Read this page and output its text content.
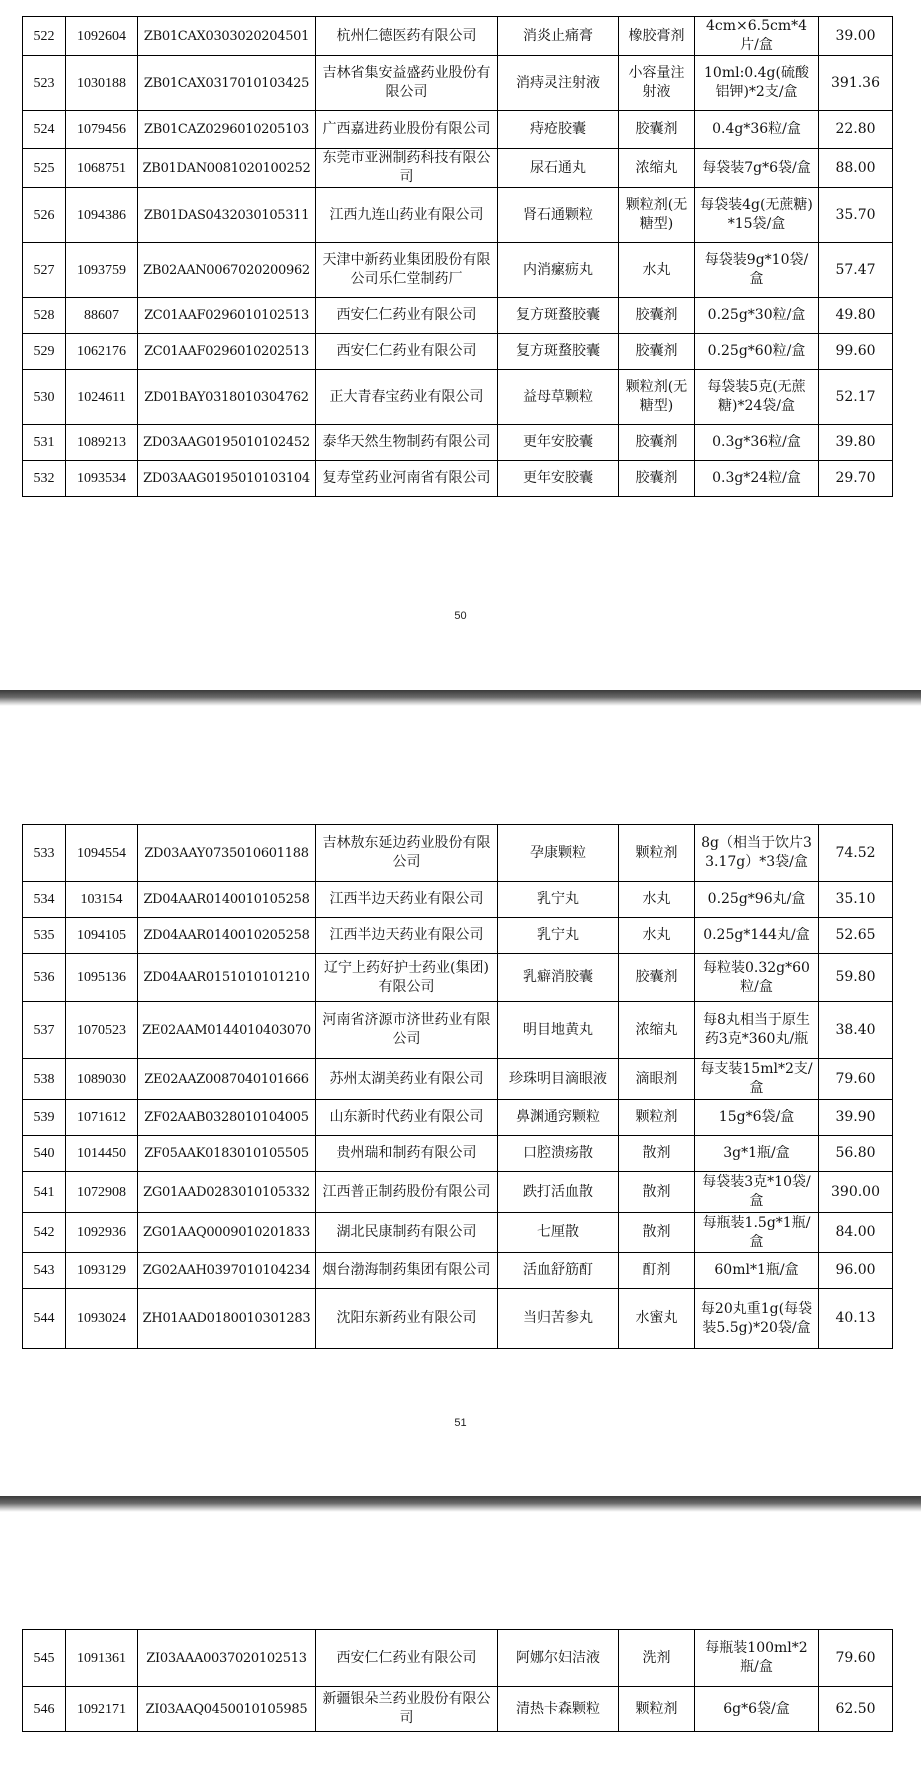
522	1092604	ZB01CAX0303020204501	杭州仁德医药有限公司	消炎止痛膏	橡胶膏剂	4cm×6.5cm*4片/盒	39.00
523	1030188	ZB01CAX0317010103425	吉林省集安益盛药业股份有限公司	消痔灵注射液	小容量注射液	10ml:0.4g(硫酸铝钾)*2支/盒	391.36
524	1079456	ZB01CAZ0296010205103	广西嘉进药业股份有限公司	痔疮胶囊	胶囊剂	0.4g*36粒/盒	22.80
525	1068751	ZB01DAN0081020100252	东莞市亚洲制药科技有限公司	尿石通丸	浓缩丸	每袋装7g*6袋/盒	88.00
526	1094386	ZB01DAS0432030105311	江西九连山药业有限公司	肾石通颗粒	颗粒剂(无糖型)	每袋装4g(无蔗糖)*15袋/盒	35.70
527	1093759	ZB02AAN0067020200962	天津中新药业集团股份有限公司乐仁堂制药厂	内消瘰疬丸	水丸	每袋装9g*10袋/盒	57.47
528	88607	ZC01AAF0296010102513	西安仁仁药业有限公司	复方斑蝥胶囊	胶囊剂	0.25g*30粒/盒	49.80
529	1062176	ZC01AAF0296010202513	西安仁仁药业有限公司	复方斑蝥胶囊	胶囊剂	0.25g*60粒/盒	99.60
530	1024611	ZD01BAY0318010304762	正大青春宝药业有限公司	益母草颗粒	颗粒剂(无糖型)	每袋装5克(无蔗糖)*24袋/盒	52.17
531	1089213	ZD03AAG0195010102452	泰华天然生物制药有限公司	更年安胶囊	胶囊剂	0.3g*36粒/盒	39.80
532	1093534	ZD03AAG0195010103104	复寿堂药业河南省有限公司	更年安胶囊	胶囊剂	0.3g*24粒/盒	29.70
50
533	1094554	ZD03AAY0735010601188	吉林敖东延边药业股份有限公司	孕康颗粒	颗粒剂	8g（相当于饮片33.17g）*3袋/盒	74.52
534	103154	ZD04AAR0140010105258	江西半边天药业有限公司	乳宁丸	水丸	0.25g*96丸/盒	35.10
535	1094105	ZD04AAR0140010205258	江西半边天药业有限公司	乳宁丸	水丸	0.25g*144丸/盒	52.65
536	1095136	ZD04AAR0151010101210	辽宁上药好护士药业(集团)有限公司	乳癖消胶囊	胶囊剂	每粒装0.32g*60粒/盒	59.80
537	1070523	ZE02AAM0144010403070	河南省济源市济世药业有限公司	明目地黄丸	浓缩丸	每8丸相当于原生药3克*360丸/瓶	38.40
538	1089030	ZE02AAZ0087040101666	苏州太湖美药业有限公司	珍珠明目滴眼液	滴眼剂	每支装15ml*2支/盒	79.60
539	1071612	ZF02AAB0328010104005	山东新时代药业有限公司	鼻渊通窍颗粒	颗粒剂	15g*6袋/盒	39.90
540	1014450	ZF05AAK0183010105505	贵州瑞和制药有限公司	口腔溃疡散	散剂	3g*1瓶/盒	56.80
541	1072908	ZG01AAD0283010105332	江西普正制药股份有限公司	跌打活血散	散剂	每袋装3克*10袋/盒	390.00
542	1092936	ZG01AAQ0009010201833	湖北民康制药有限公司	七厘散	散剂	每瓶装1.5g*1瓶/盒	84.00
543	1093129	ZG02AAH0397010104234	烟台渤海制药集团有限公司	活血舒筋酊	酊剂	60ml*1瓶/盒	96.00
544	1093024	ZH01AAD0180010301283	沈阳东新药业有限公司	当归苦参丸	水蜜丸	每20丸重1g(每袋装5.5g)*20袋/盒	40.13
51
545	1091361	ZI03AAA0037020102513	西安仁仁药业有限公司	阿娜尔妇洁液	洗剂	每瓶装100ml*2瓶/盒	79.60
546	1092171	ZI03AAQ0450010105985	新疆银朵兰药业股份有限公司	清热卡森颗粒	颗粒剂	6g*6袋/盒	62.50
